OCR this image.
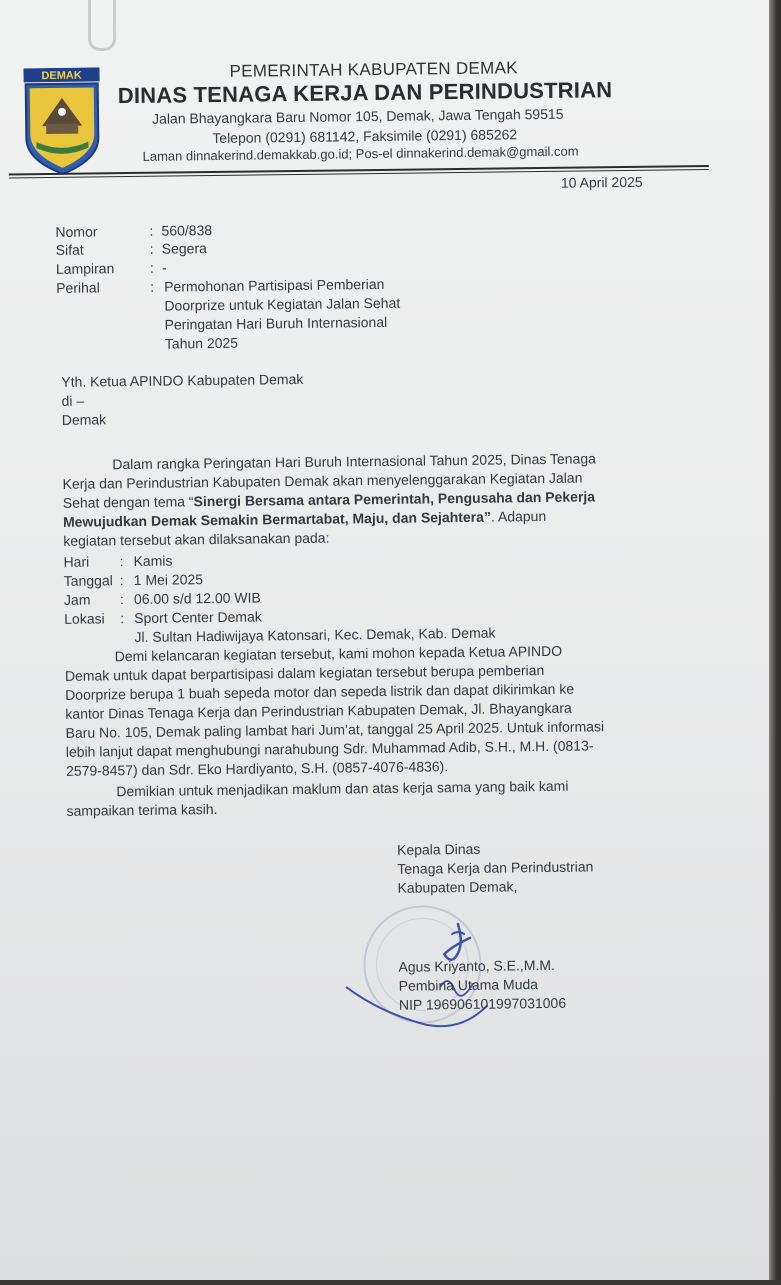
DEMAK	PEMERINTAH KABUPATEN DEMAK
DINAS TENAGA KERJA DAN PERINDUSTRIAN
Jalan Bhayangkara Baru Nomor 105, Demak, Jawa Tengah 59515
Telepon (0291) 681142, Faksimile (0291) 685262
Laman dinnakerind.demakkab.go.id; Pos-el dinnakerind.demak@gmail.com
10 April 2025
Nomor	: 560/838
Sifat	: Segera
Lampiran	: -
Perihal	: Permohonan Partisipasi Pemberian
Doorprize untuk Kegiatan Jalan Sehat
Peringatan Hari Buruh Internasional
Tahun 2025
Yth. Ketua APINDO Kabupaten Demak
di –
Demak
Dalam rangka Peringatan Hari Buruh Internasional Tahun 2025, Dinas Tenaga
Kerja dan Perindustrian Kabupaten Demak akan menyelenggarakan Kegiatan Jalan
Sehat dengan tema “Sinergi Bersama antara Pemerintah, Pengusaha dan Pekerja
Mewujudkan Demak Semakin Bermartabat, Maju, dan Sejahtera”. Adapun
kegiatan tersebut akan dilaksanakan pada:
Hari : Kamis
Tanggal : 1 Mei 2025
Jam : 06.00 s/d 12.00 WIB
Lokasi : Sport Center Demak
Jl. Sultan Hadiwijaya Katonsari, Kec. Demak, Kab. Demak
Demi kelancaran kegiatan tersebut, kami mohon kepada Ketua APINDO
Demak untuk dapat berpartisipasi dalam kegiatan tersebut berupa pemberian
Doorprize berupa 1 buah sepeda motor dan sepeda listrik dan dapat dikirimkan ke
kantor Dinas Tenaga Kerja dan Perindustrian Kabupaten Demak, Jl. Bhayangkara
Baru No. 105, Demak paling lambat hari Jum’at, tanggal 25 April 2025. Untuk informasi
lebih lanjut dapat menghubungi narahubung Sdr. Muhammad Adib, S.H., M.H. (0813-
2579-8457) dan Sdr. Eko Hardiyanto, S.H. (0857-4076-4836).
Demikian untuk menjadikan maklum dan atas kerja sama yang baik kami
sampaikan terima kasih.
Kepala Dinas
Tenaga Kerja dan Perindustrian
Kabupaten Demak,
Agus Kriyanto, S.E.,M.M.
Pembina Utama Muda
NIP 196906101997031006
